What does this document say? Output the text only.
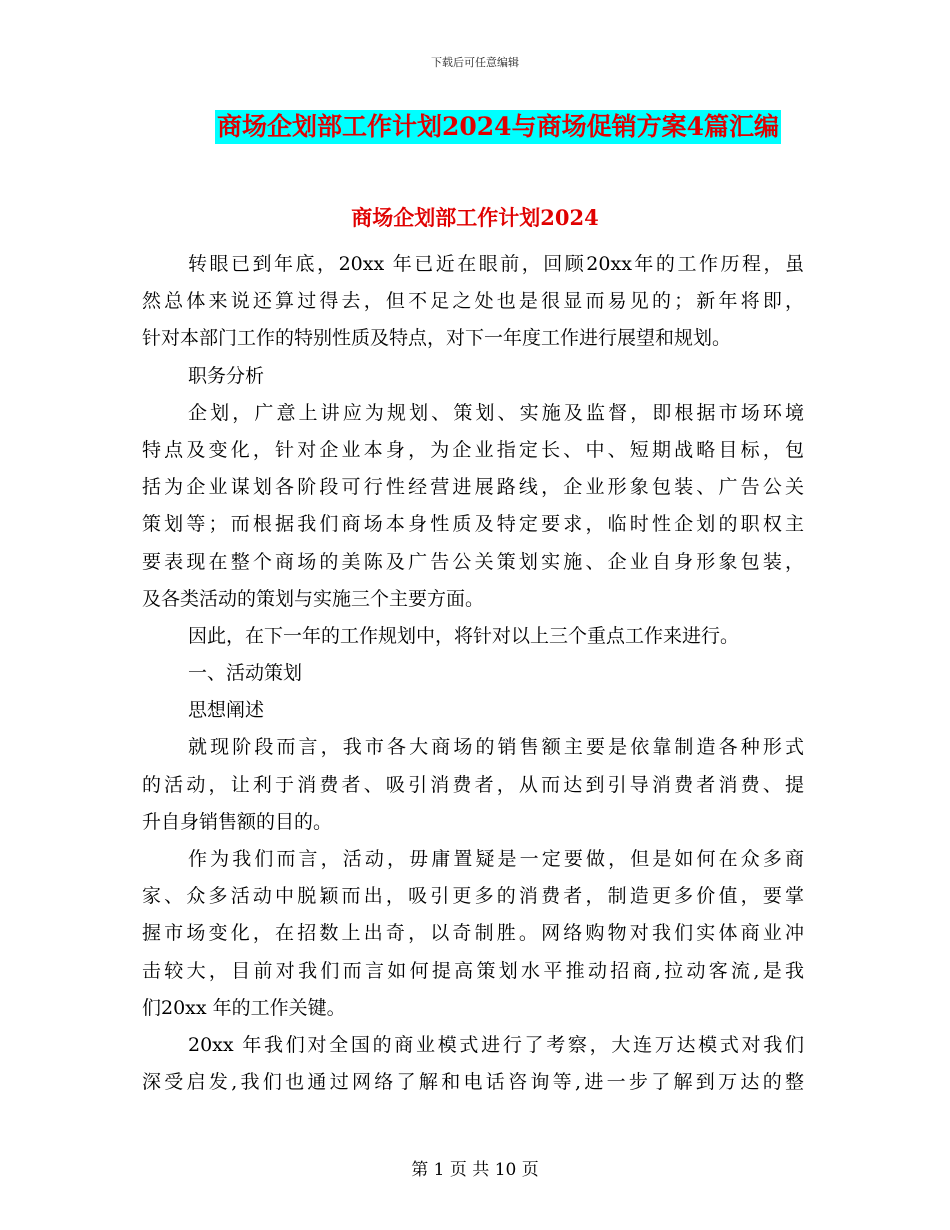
下载后可任意编辑
商场企划部工作计划2024与商场促销方案4篇汇编
商场企划部工作计划2024
转眼已到年底，20xx 年已近在眼前，回顾20xx年的工作历程，虽
然总体来说还算过得去，但不足之处也是很显而易见的；新年将即，
针对本部门工作的特别性质及特点，对下一年度工作进行展望和规划。
职务分析
企划，广意上讲应为规划、策划、实施及监督，即根据市场环境
特点及变化，针对企业本身，为企业指定长、中、短期战略目标，包
括为企业谋划各阶段可行性经营进展路线，企业形象包装、广告公关
策划等；而根据我们商场本身性质及特定要求，临时性企划的职权主
要表现在整个商场的美陈及广告公关策划实施、企业自身形象包装，
及各类活动的策划与实施三个主要方面。
因此，在下一年的工作规划中，将针对以上三个重点工作来进行。
一、活动策划
思想阐述
就现阶段而言，我市各大商场的销售额主要是依靠制造各种形式
的活动，让利于消费者、吸引消费者，从而达到引导消费者消费、提
升自身销售额的目的。
作为我们而言，活动，毋庸置疑是一定要做，但是如何在众多商
家、众多活动中脱颖而出，吸引更多的消费者，制造更多价值，要掌
握市场变化，在招数上出奇，以奇制胜。网络购物对我们实体商业冲
击较大，目前对我们而言如何提高策划水平推动招商,拉动客流,是我
们20xx 年的工作关键。
20xx 年我们对全国的商业模式进行了考察，大连万达模式对我们
深受启发,我们也通过网络了解和电话咨询等,进一步了解到万达的整
第 1 页 共 10 页
